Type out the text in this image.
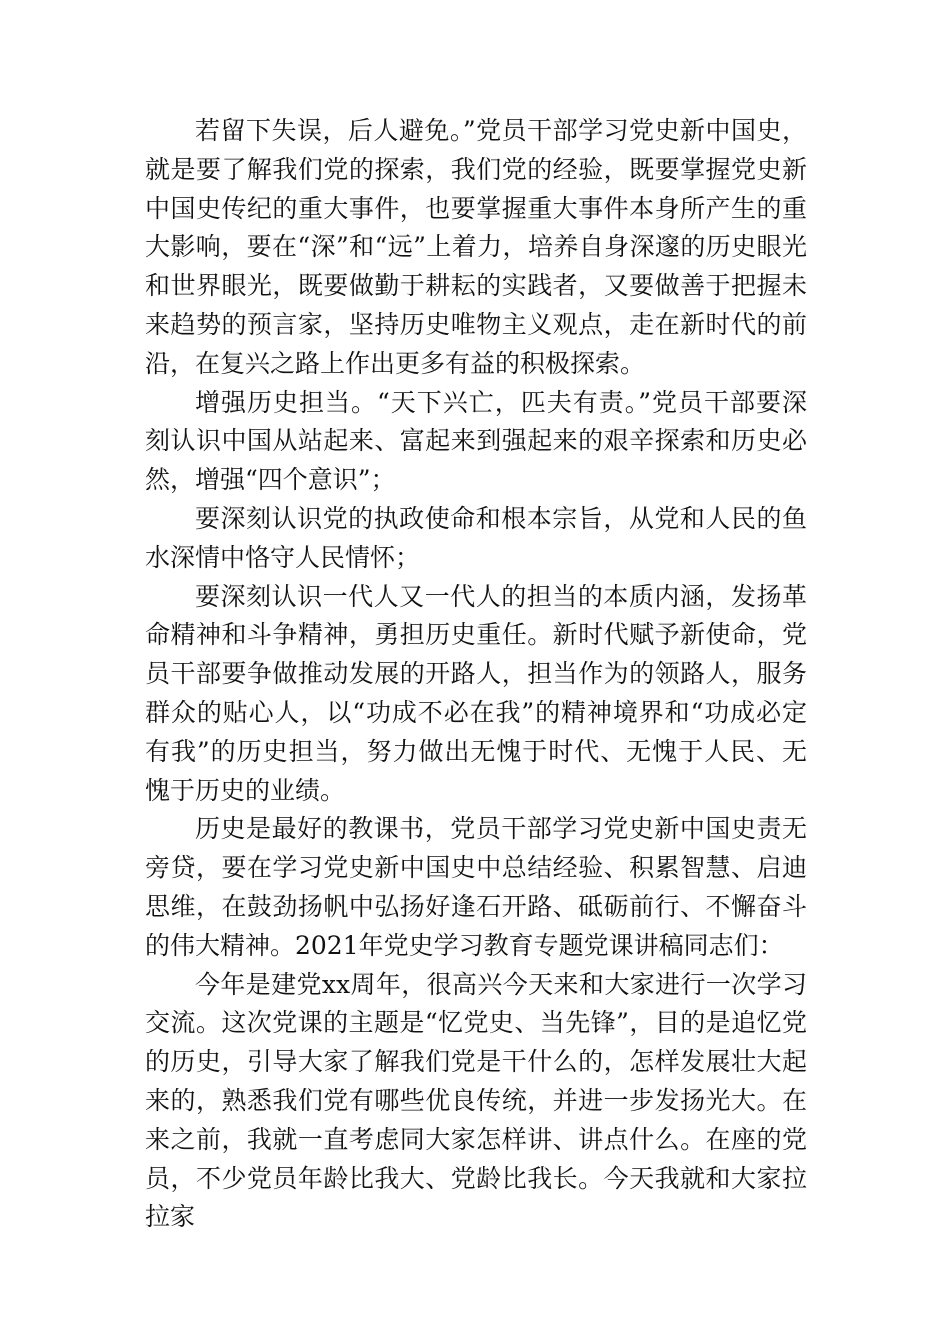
若留下失误，后人避免。”党员干部学习党史新中国史，就是要了解我们党的探索，我们党的经验，既要掌握党史新中国史传纪的重大事件，也要掌握重大事件本身所产生的重大影响，要在“深”和“远”上着力，培养自身深邃的历史眼光和世界眼光，既要做勤于耕耘的实践者，又要做善于把握未来趋势的预言家，坚持历史唯物主义观点，走在新时代的前沿，在复兴之路上作出更多有益的积极探索。

增强历史担当。“天下兴亡，匹夫有责。”党员干部要深刻认识中国从站起来、富起来到强起来的艰辛探索和历史必然，增强“四个意识”；

要深刻认识党的执政使命和根本宗旨，从党和人民的鱼水深情中恪守人民情怀；

要深刻认识一代人又一代人的担当的本质内涵，发扬革命精神和斗争精神，勇担历史重任。新时代赋予新使命，党员干部要争做推动发展的开路人，担当作为的领路人，服务群众的贴心人，以“功成不必在我”的精神境界和“功成必定有我”的历史担当，努力做出无愧于时代、无愧于人民、无愧于历史的业绩。

历史是最好的教课书，党员干部学习党史新中国史责无旁贷，要在学习党史新中国史中总结经验、积累智慧、启迪思维，在鼓劲扬帆中弘扬好逢石开路、砥砺前行、不懈奋斗的伟大精神。2021年党史学习教育专题党课讲稿同志们：

今年是建党xx周年，很高兴今天来和大家进行一次学习交流。这次党课的主题是“忆党史、当先锋”，目的是追忆党的历史，引导大家了解我们党是干什么的，怎样发展壮大起来的，熟悉我们党有哪些优良传统，并进一步发扬光大。在来之前，我就一直考虑同大家怎样讲、讲点什么。在座的党员，不少党员年龄比我大、党龄比我长。今天我就和大家拉拉家
